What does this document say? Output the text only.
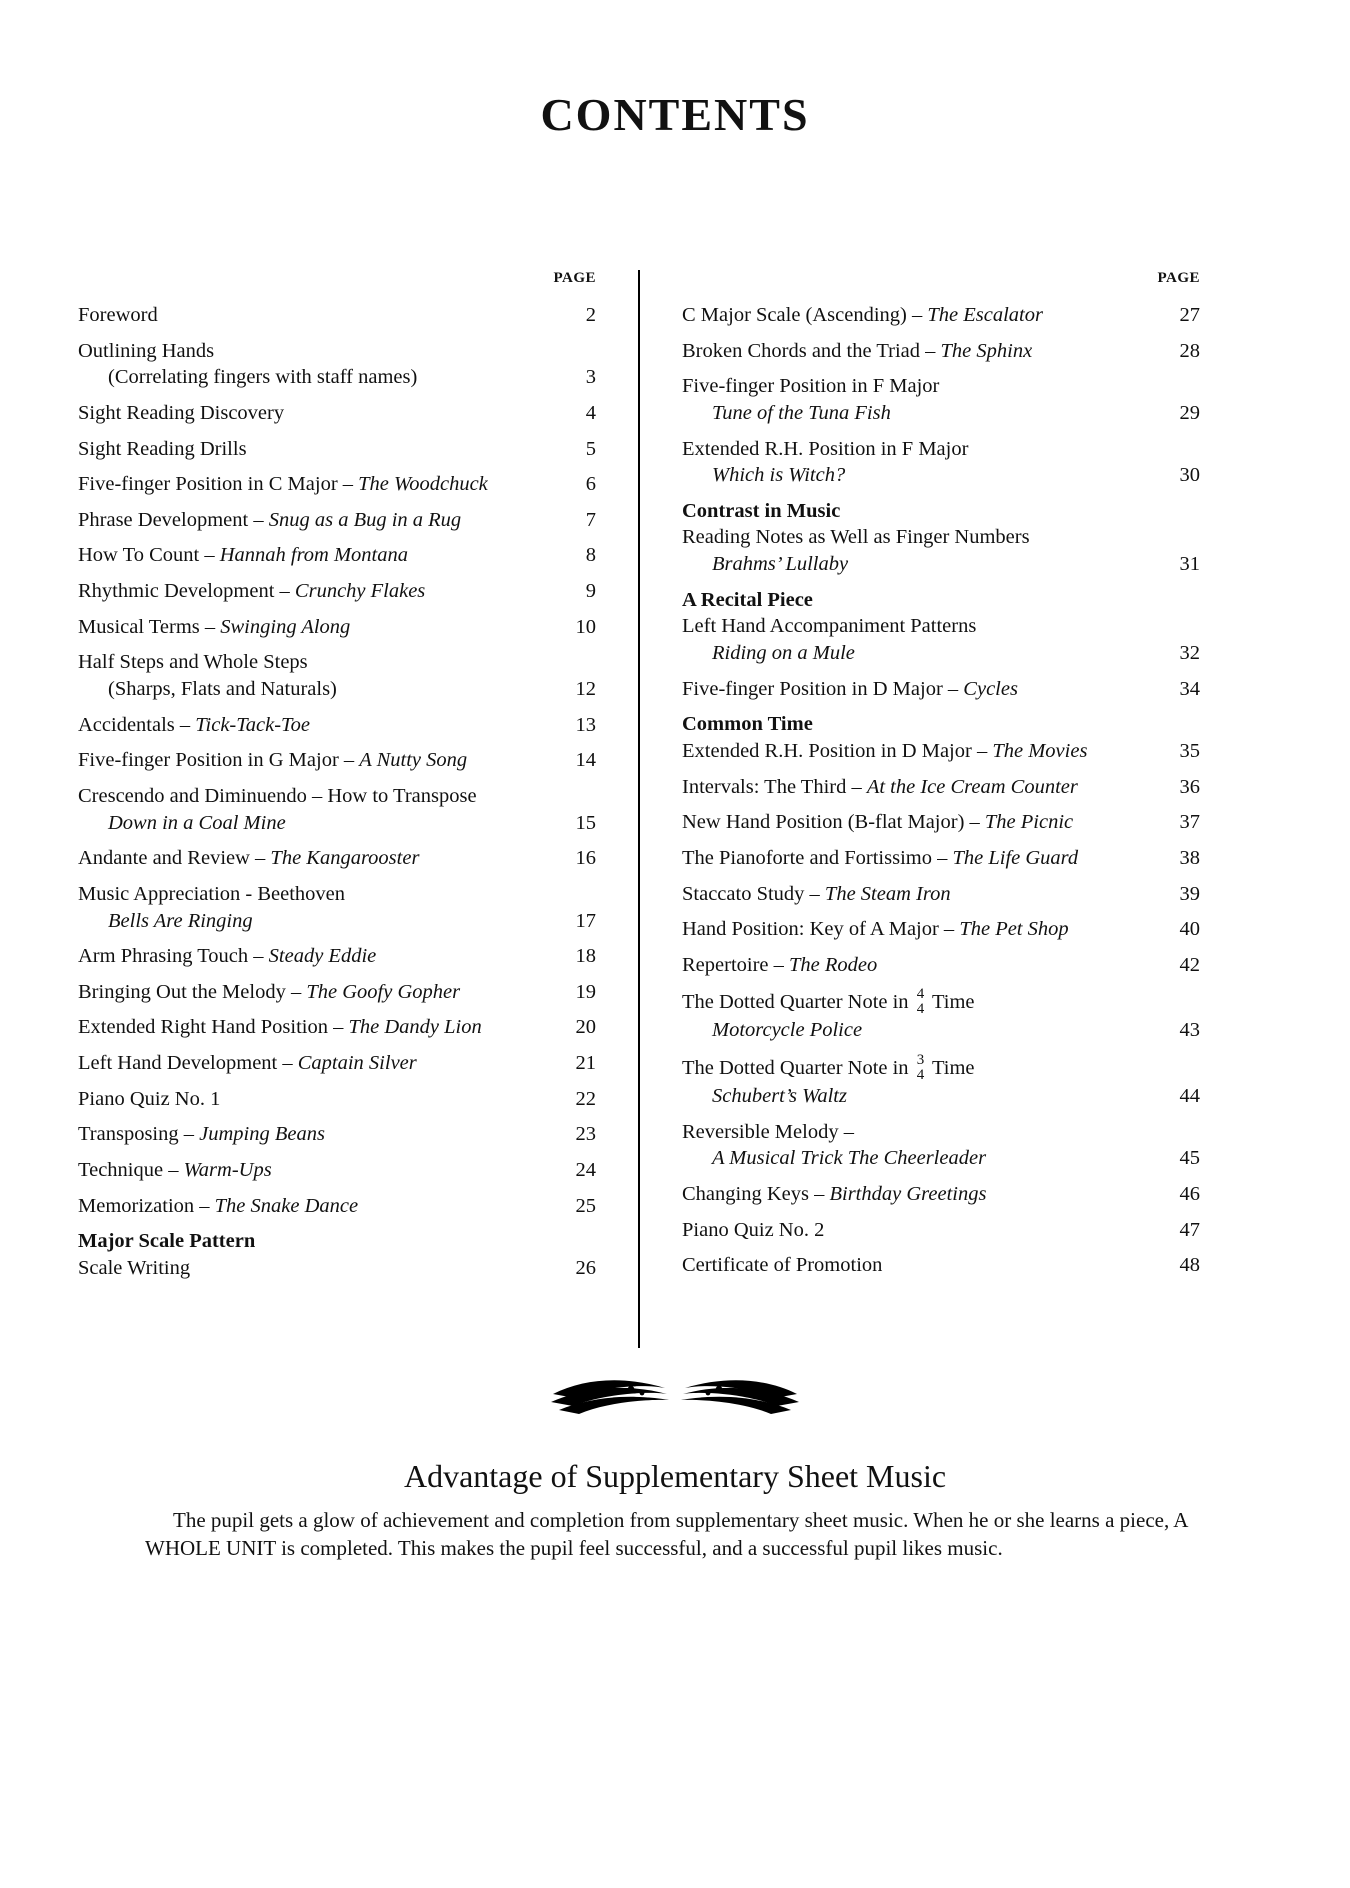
CONTENTS
PAGE
Foreword	2
Outlining Hands
(Correlating fingers with staff names)	3
Sight Reading Discovery	4
Sight Reading Drills	5
Five-finger Position in C Major – The Woodchuck	6
Phrase Development – Snug as a Bug in a Rug	7
How To Count – Hannah from Montana	8
Rhythmic Development – Crunchy Flakes	9
Musical Terms – Swinging Along	10
Half Steps and Whole Steps
(Sharps, Flats and Naturals)	12
Accidentals – Tick-Tack-Toe	13
Five-finger Position in G Major – A Nutty Song	14
Crescendo and Diminuendo – How to Transpose
Down in a Coal Mine	15
Andante and Review – The Kangarooster	16
Music Appreciation - Beethoven
Bells Are Ringing	17
Arm Phrasing Touch – Steady Eddie	18
Bringing Out the Melody – The Goofy Gopher	19
Extended Right Hand Position – The Dandy Lion	20
Left Hand Development – Captain Silver	21
Piano Quiz No. 1	22
Transposing – Jumping Beans	23
Technique – Warm-Ups	24
Memorization – The Snake Dance	25
Major Scale Pattern
Scale Writing	26
PAGE
C Major Scale (Ascending) – The Escalator	27
Broken Chords and the Triad – The Sphinx	28
Five-finger Position in F Major
Tune of the Tuna Fish	29
Extended R.H. Position in F Major
Which is Witch?	30
Contrast in Music
Reading Notes as Well as Finger Numbers
Brahms’ Lullaby	31
A Recital Piece
Left Hand Accompaniment Patterns
Riding on a Mule	32
Five-finger Position in D Major – Cycles	34
Common Time
Extended R.H. Position in D Major – The Movies	35
Intervals: The Third – At the Ice Cream Counter	36
New Hand Position (B-flat Major) – The Picnic	37
The Pianoforte and Fortissimo – The Life Guard	38
Staccato Study – The Steam Iron	39
Hand Position: Key of A Major – The Pet Shop	40
Repertoire – The Rodeo	42
The Dotted Quarter Note in 4
4 Time
Motorcycle Police	43
The Dotted Quarter Note in 3
4 Time
Schubert’s Waltz	44
Reversible Melody –
A Musical Trick The Cheerleader	45
Changing Keys – Birthday Greetings	46
Piano Quiz No. 2	47
Certificate of Promotion	48
Advantage of Supplementary Sheet Music

The pupil gets a glow of achievement and completion from supplementary sheet music. When he or she learns a piece, A WHOLE UNIT is completed. This makes the pupil feel successful, and a successful pupil likes music.
